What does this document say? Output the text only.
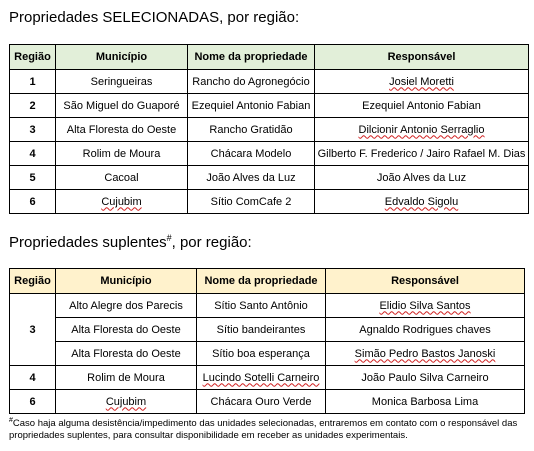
Propriedades SELECIONADAS, por região:
Região	Município	Nome da propriedade	Responsável
1	Seringueiras	Rancho do Agronegócio	Josiel Moretti
2	São Miguel do Guaporé	Ezequiel Antonio Fabian	Ezequiel Antonio Fabian
3	Alta Floresta do Oeste	Rancho Gratidão	Dilcionir Antonio Serraglio
4	Rolim de Moura	Chácara Modelo	Gilberto F. Frederico / Jairo Rafael M. Dias
5	Cacoal	João Alves da Luz	João Alves da Luz
6	Cujubim	Sítio ComCafe 2	Edvaldo Sigolu
Propriedades suplentes#, por região:
Região	Município	Nome da propriedade	Responsável
3	Alto Alegre dos Parecis	Sítio Santo Antônio	Elidio Silva Santos
	Alta Floresta do Oeste	Sítio bandeirantes	Agnaldo Rodrigues chaves
	Alta Floresta do Oeste	Sítio boa esperança	Simão Pedro Bastos Janoski
4	Rolim de Moura	Lucindo Sotelli Carneiro	João Paulo Silva Carneiro
6	Cujubim	Chácara Ouro Verde	Monica Barbosa Lima
#Caso haja alguma desistência/impedimento das unidades selecionadas, entraremos em contato com o responsável das propriedades suplentes, para consultar disponibilidade em receber as unidades experimentais.
